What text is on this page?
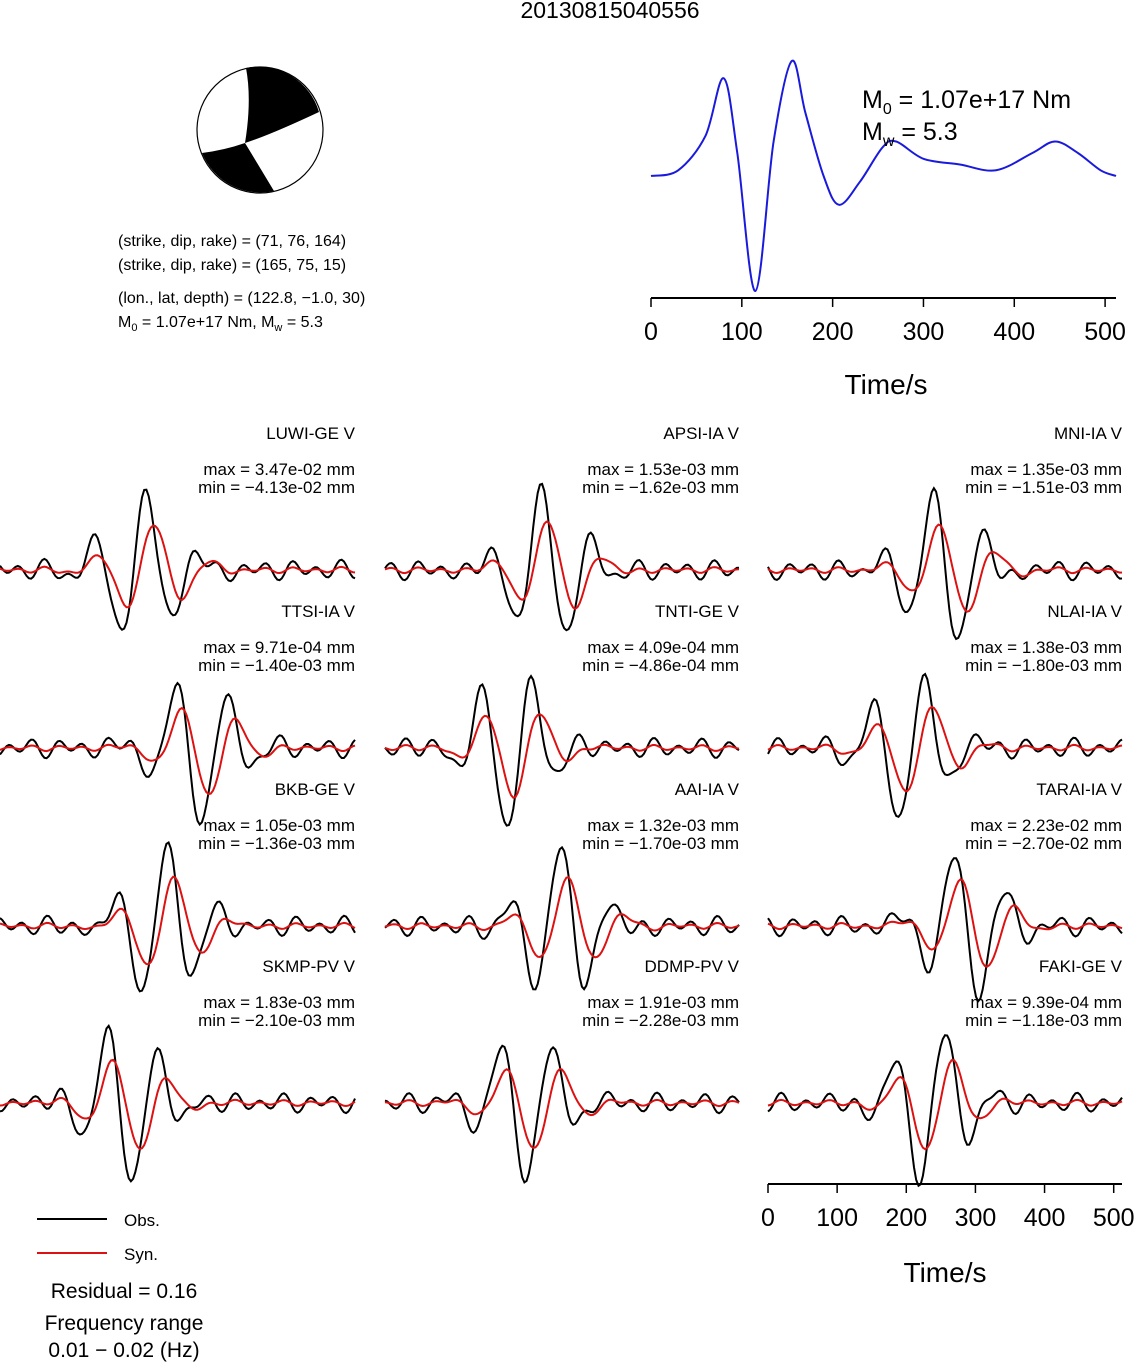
20130815040556
(strike, dip, rake) = (71, 76, 164)
(strike, dip, rake) = (165, 75, 15)
(lon., lat, depth) = (122.8, −1.0, 30)
$M_0 = 1.07e+17$ Nm, $M_w = 5.3$
$M_0 = 1.07e+17$ Nm
$M_w = 5.3$
0	100 200 300 400 500
Time/s
LUWI-GE V
max = 3.47e-02 mm
min = −4.13e-02 mm
APSI-IA V
max = 1.53e-03 mm
min = −1.62e-03 mm
MNI-IA V
max = 1.35e-03 mm
min = −1.51e-03 mm
TTSI-IA V
max = 9.71e-04 mm
min = −1.40e-03 mm
TNTI-GE V
max = 4.09e-04 mm
min = −4.86e-04 mm
NLAI-IA V
max = 1.38e-03 mm
min = −1.80e-03 mm
BKB-GE V
max = 1.05e-03 mm
min = −1.36e-03 mm
AAI-IA V
max = 1.32e-03 mm
min = −1.70e-03 mm
TARAI-IA V
max = 2.23e-02 mm
min = −2.70e-02 mm
SKMP-PV V
max = 1.83e-03 mm
min = −2.10e-03 mm
DDMP-PV V
max = 1.91e-03 mm
min = −2.28e-03 mm
FAKI-GE V
max = 9.39e-04 mm
min = −1.18e-03 mm
0 100 200 300 400 500
Time/s
Obs.
Syn.
Residual = 0.16
Frequency range
0.01 − 0.02 (Hz)
